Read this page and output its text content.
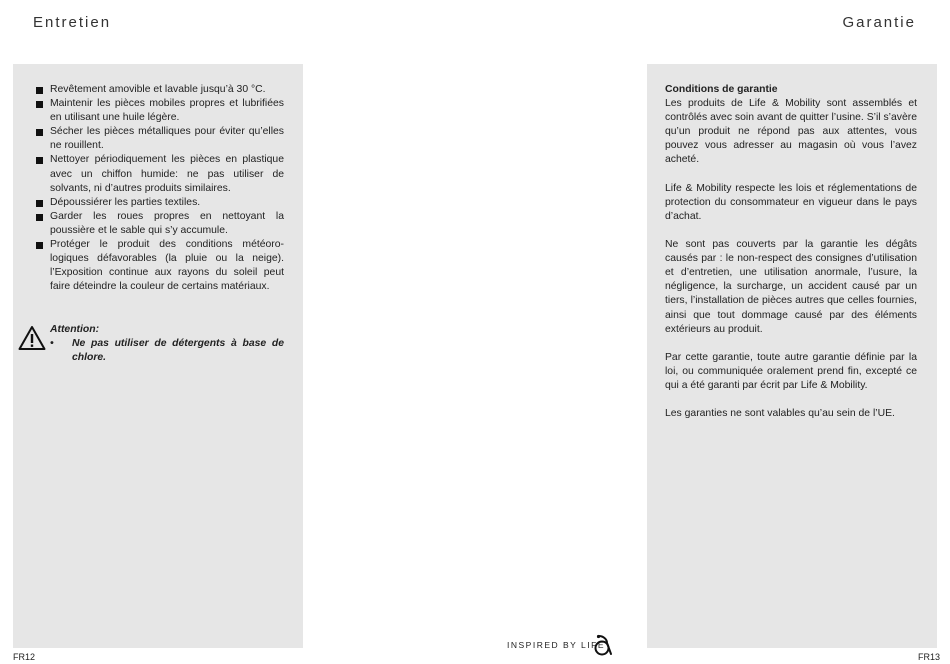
Entretien	Garantie
Revêtement amovible et lavable jusqu’à 30 °C.
Maintenir les pièces mobiles propres et lubrifiées en utilisant une huile légère.
Sécher les pièces métalliques pour éviter qu’elles ne rouillent.
Nettoyer périodiquement les pièces en plastique avec un chiffon humide: ne pas utiliser de solvants, ni d’autres produits similaires.
Dépoussiérer les parties textiles.
Garder les roues propres en nettoyant la poussière et le sable qui s’y accumule.
Protéger le produit des conditions météoro-logiques défavorables (la pluie ou la neige). l’Exposition continue aux rayons du soleil peut faire déteindre la couleur de certains matériaux.
Attention:
• Ne pas utiliser de détergents à base de chlore.
Conditions de garantie

Les produits de Life & Mobility sont assemblés et contrôlés avec soin avant de quitter l’usine. S’il s’avère qu’un produit ne répond pas aux attentes, vous pouvez vous adresser au magasin où vous l’avez acheté.

Life & Mobility respecte les lois et réglementations de protection du consommateur en vigueur dans le pays d’achat.

Ne sont pas couverts par la garantie les dégâts causés par : le non-respect des consignes d’utilisation et d’entretien, une utilisation anormale, l’usure, la négligence, la surcharge, un accident causé par un tiers, l’installation de pièces autres que celles fournies, ainsi que tout dommage causé par des éléments extérieurs au produit.

Par cette garantie, toute autre garantie définie par la loi, ou communiquée oralement prend fin, excepté ce qui a été garanti par écrit par Life & Mobility.

Les garanties ne sont valables qu’au sein de l’UE.

INSPIRED BY LIFE
FR12	FR13
